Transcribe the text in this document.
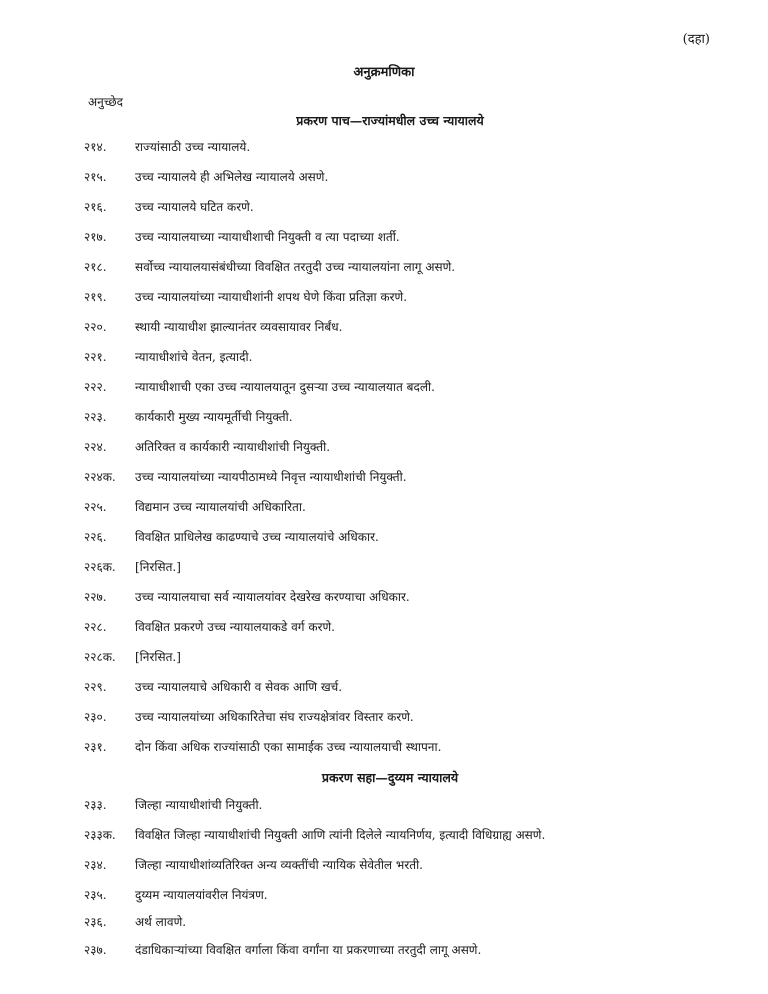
(दहा)
अनुक्रमणिका
अनुच्छेद
प्रकरण पाच—राज्यांमधील उच्च न्यायालये
२१४. राज्यांसाठी उच्च न्यायालये.
२१५. उच्च न्यायालये ही अभिलेख न्यायालये असणे.
२१६. उच्च न्यायालये घटित करणे.
२१७. उच्च न्यायालयाच्या न्यायाधीशाची नियुक्ती व त्या पदाच्या शर्ती.
२१८. सर्वोच्च न्यायालयासंबंधीच्या विवक्षित तरतुदी उच्च न्यायालयांना लागू असणे.
२१९. उच्च न्यायालयांच्या न्यायाधीशांनी शपथ घेणे किंवा प्रतिज्ञा करणे.
२२०. स्थायी न्यायाधीश झाल्यानंतर व्यवसायावर निर्बंध.
२२१. न्यायाधीशांचे वेतन, इत्यादी.
२२२. न्यायाधीशाची एका उच्च न्यायालयातून दुसऱ्या उच्च न्यायालयात बदली.
२२३. कार्यकारी मुख्य न्यायमूर्तीची नियुक्ती.
२२४. अतिरिक्त व कार्यकारी न्यायाधीशांची नियुक्ती.
२२४क. उच्च न्यायालयांच्या न्यायपीठामध्ये निवृत्त न्यायाधीशांची नियुक्ती.
२२५. विद्यमान उच्च न्यायालयांची अधिकारिता.
२२६. विवक्षित प्राधिलेख काढण्याचे उच्च न्यायालयांचे अधिकार.
२२६क. [निरसित.]
२२७. उच्च न्यायालयाचा सर्व न्यायालयांवर देखरेख करण्याचा अधिकार.
२२८. विवक्षित प्रकरणे उच्च न्यायालयाकडे वर्ग करणे.
२२८क. [निरसित.]
२२९. उच्च न्यायालयाचे अधिकारी व सेवक आणि खर्च.
२३०. उच्च न्यायालयांच्या अधिकारितेचा संघ राज्यक्षेत्रांवर विस्तार करणे.
२३१. दोन किंवा अधिक राज्यांसाठी एका सामाईक उच्च न्यायालयाची स्थापना.
प्रकरण सहा—दुय्यम न्यायालये
२३३. जिल्हा न्यायाधीशांची नियुक्ती.
२३३क. विवक्षित जिल्हा न्यायाधीशांची नियुक्ती आणि त्यांनी दिलेले न्यायनिर्णय, इत्यादी विधिग्राह्य असणे.
२३४. जिल्हा न्यायाधीशांव्यतिरिक्त अन्य व्यक्तींची न्यायिक सेवेतील भरती.
२३५. दुय्यम न्यायालयांवरील नियंत्रण.
२३६. अर्थ लावणे.
२३७. दंडाधिकाऱ्यांच्या विवक्षित वर्गाला किंवा वर्गांना या प्रकरणाच्या तरतुदी लागू असणे.
